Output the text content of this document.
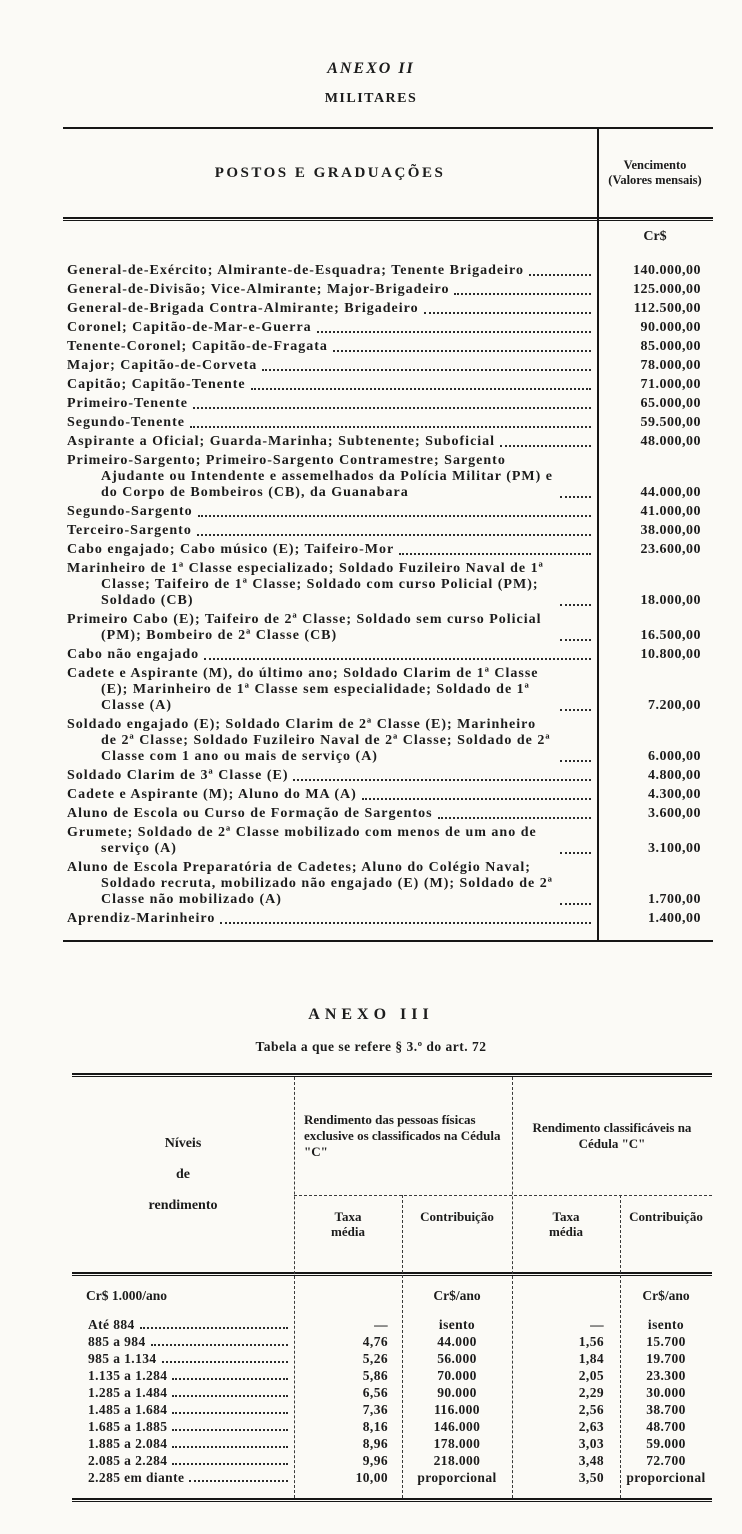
ANEXO II
MILITARES
POSTOS E GRADUAÇÕES	Vencimento (Valores mensais)
Cr$
General-de-Exército; Almirante-de-Esquadra; Tenente Brigadeiro	140.000,00
General-de-Divisão; Vice-Almirante; Major-Brigadeiro	125.000,00
General-de-Brigada Contra-Almirante; Brigadeiro	112.500,00
Coronel; Capitão-de-Mar-e-Guerra	90.000,00
Tenente-Coronel; Capitão-de-Fragata	85.000,00
Major; Capitão-de-Corveta	78.000,00
Capitão; Capitão-Tenente	71.000,00
Primeiro-Tenente	65.000,00
Segundo-Tenente	59.500,00
Aspirante a Oficial; Guarda-Marinha; Subtenente; Suboficial	48.000,00
Primeiro-Sargento; Primeiro-Sargento Contramestre; Sargento Ajudante ou Intendente e assemelhados da Polícia Militar (PM) e do Corpo de Bombeiros (CB), da Guanabara	44.000,00
Segundo-Sargento	41.000,00
Terceiro-Sargento	38.000,00
Cabo engajado; Cabo músico (E); Taifeiro-Mor	23.600,00
Marinheiro de 1ª Classe especializado; Soldado Fuzileiro Naval de 1ª Classe; Taifeiro de 1ª Classe; Soldado com curso Policial (PM); Soldado (CB)	18.000,00
Primeiro Cabo (E); Taifeiro de 2ª Classe; Soldado sem curso Policial (PM); Bombeiro de 2ª Classe (CB)	16.500,00
Cabo não engajado	10.800,00
Cadete e Aspirante (M), do último ano; Soldado Clarim de 1ª Classe (E); Marinheiro de 1ª Classe sem especialidade; Soldado de 1ª Classe (A)	7.200,00
Soldado engajado (E); Soldado Clarim de 2ª Classe (E); Marinheiro de 2ª Classe; Soldado Fuzileiro Naval de 2ª Classe; Soldado de 2ª Classe com 1 ano ou mais de serviço (A)	6.000,00
Soldado Clarim de 3ª Classe (E)	4.800,00
Cadete e Aspirante (M); Aluno do MA (A)	4.300,00
Aluno de Escola ou Curso de Formação de Sargentos	3.600,00
Grumete; Soldado de 2ª Classe mobilizado com menos de um ano de serviço (A)	3.100,00
Aluno de Escola Preparatória de Cadetes; Aluno do Colégio Naval; Soldado recruta, mobilizado não engajado (E) (M); Soldado de 2ª Classe não mobilizado (A)	1.700,00
Aprendiz-Marinheiro	1.400,00
ANEXO III
Tabela a que se refere § 3.º do art. 72
Níveis
de
rendimento
Rendimento das pessoas físicas exclusive os classificados na Cédula "C"
Taxa média
Contribuição
Rendimento classificáveis na Cédula "C"
Taxa média
Contribuição
Cr$ 1.000/ano	Cr$/ano	Cr$/ano
Até 884	—	isento	—	isento
885 a 984	4,76	44.000	1,56	15.700
985 a 1.134	5,26	56.000	1,84	19.700
1.135 a 1.284	5,86	70.000	2,05	23.300
1.285 a 1.484	6,56	90.000	2,29	30.000
1.485 a 1.684	7,36	116.000	2,56	38.700
1.685 a 1.885	8,16	146.000	2,63	48.700
1.885 a 2.084	8,96	178.000	3,03	59.000
2.085 a 2.284	9,96	218.000	3,48	72.700
2.285 em diante	10,00	proporcional	3,50	proporcional
